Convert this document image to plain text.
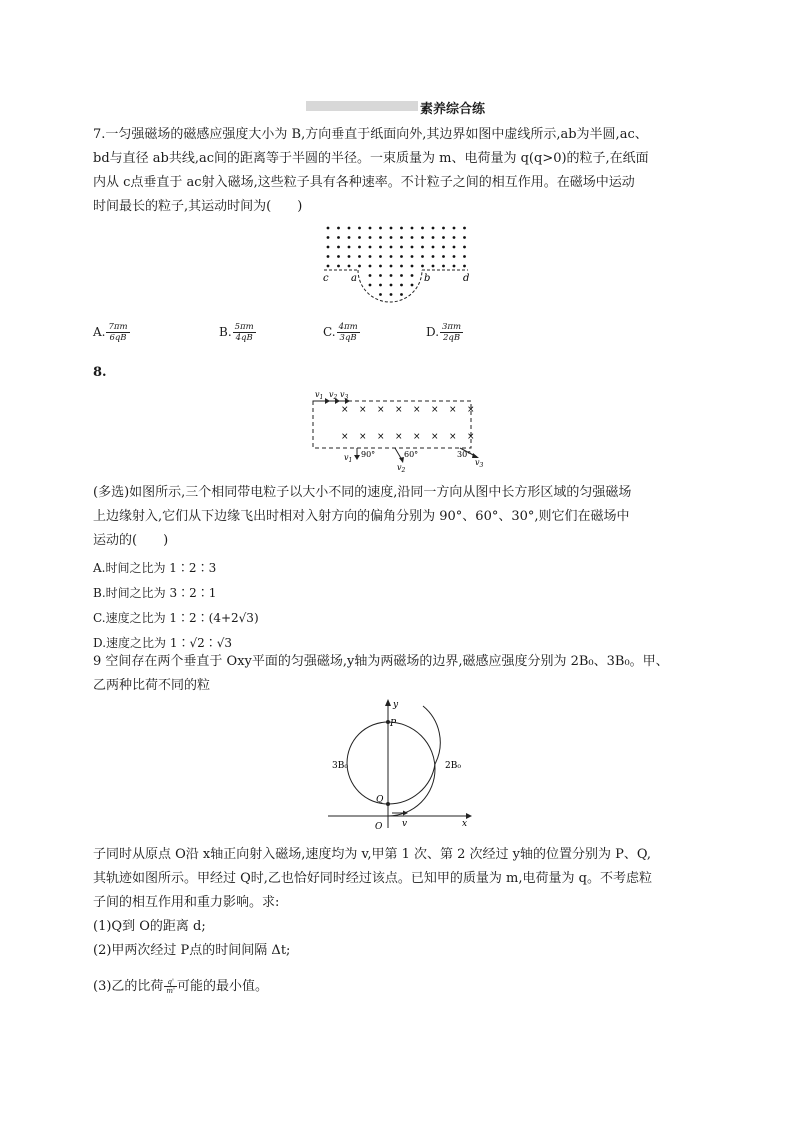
素养综合练
7.一匀强磁场的磁感应强度大小为 B,方向垂直于纸面向外,其边界如图中虚线所示,ab为半圆,ac、
bd与直径 ab共线,ac间的距离等于半圆的半径。一束质量为 m、电荷量为 q(q>0)的粒子,在纸面
内从 c点垂直于 ac射入磁场,这些粒子具有各种速率。不计粒子之间的相互作用。在磁场中运动
时间最长的粒子,其运动时间为(　　)
c a	b	d
A. $\frac{7\pi m}{6qB}$	B. $\frac{5\pi m}{4qB}$	C. $\frac{4\pi m}{3qB}$	D. $\frac{3\pi m}{2qB}$
8.
× × × × × × × ×
× × × × × × × ×
$v_1$ $v_2$ $v_3$
$v_1$
90°
$v_2$
60°
$v_3$
30°
(多选)如图所示,三个相同带电粒子以大小不同的速度,沿同一方向从图中长方形区域的匀强磁场
上边缘射入,它们从下边缘飞出时相对入射方向的偏角分别为 90°、60°、30°,则它们在磁场中
运动的(　　)
A.时间之比为 1∶2∶3
B.时间之比为 3∶2∶1
C.速度之比为 1∶2∶(4+2√3)
D.速度之比为 1∶√2∶√3
9 空间存在两个垂直于 Oxy平面的匀强磁场,y轴为两磁场的边界,磁感应强度分别为 2B₀、3B₀。甲、
乙两种比荷不同的粒
y
P
Q
3B₀	2B₀
O v	x
子同时从原点 O沿 x轴正向射入磁场,速度均为 v,甲第 1 次、第 2 次经过 y轴的位置分别为 P、Q,
其轨迹如图所示。甲经过 Q时,乙也恰好同时经过该点。已知甲的质量为 m,电荷量为 q。不考虑粒
子间的相互作用和重力影响。求:
(1)Q到 O的距离 d;
(2)甲两次经过 P点的时间间隔 Δt;
(3)乙的比荷 $\frac{q'}{m'}$ 可能的最小值。
